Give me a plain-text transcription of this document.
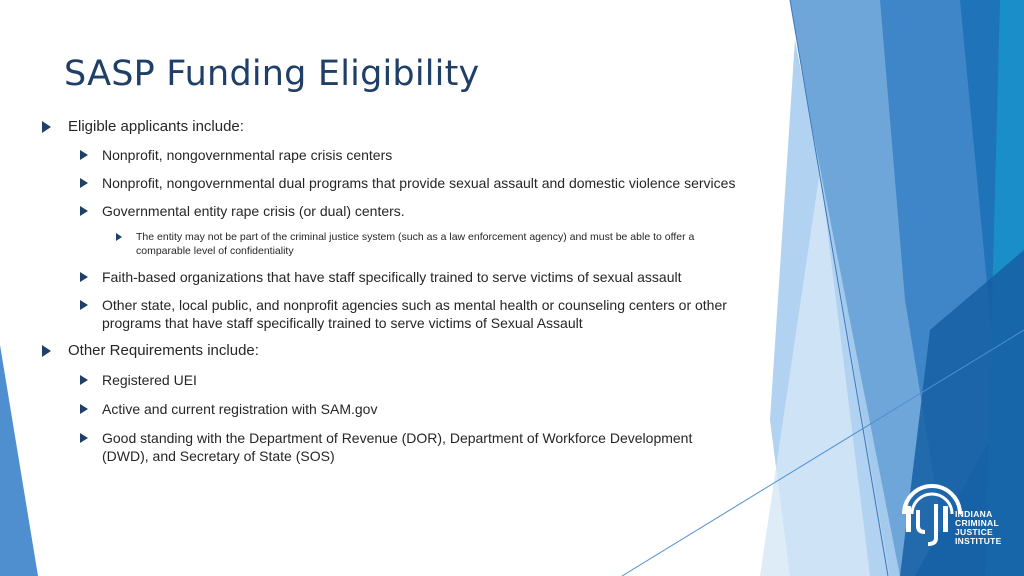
SASP Funding Eligibility
Eligible applicants include:
Nonprofit, nongovernmental rape crisis centers
Nonprofit, nongovernmental dual programs that provide sexual assault and domestic violence services
Governmental entity rape crisis (or dual) centers.
The entity may not be part of the criminal justice system (such as a law enforcement agency) and must be able to offer a
comparable level of confidentiality
Faith-based organizations that have staff specifically trained to serve victims of sexual assault
Other state, local public, and nonprofit agencies such as mental health or counseling centers or other
programs that have staff specifically trained to serve victims of Sexual Assault
Other Requirements include:
Registered UEI
Active and current registration with SAM.gov
Good standing with the Department of Revenue (DOR), Department of Workforce Development
(DWD), and Secretary of State (SOS)
INDIANA
CRIMINAL
JUSTICE
INSTITUTE
